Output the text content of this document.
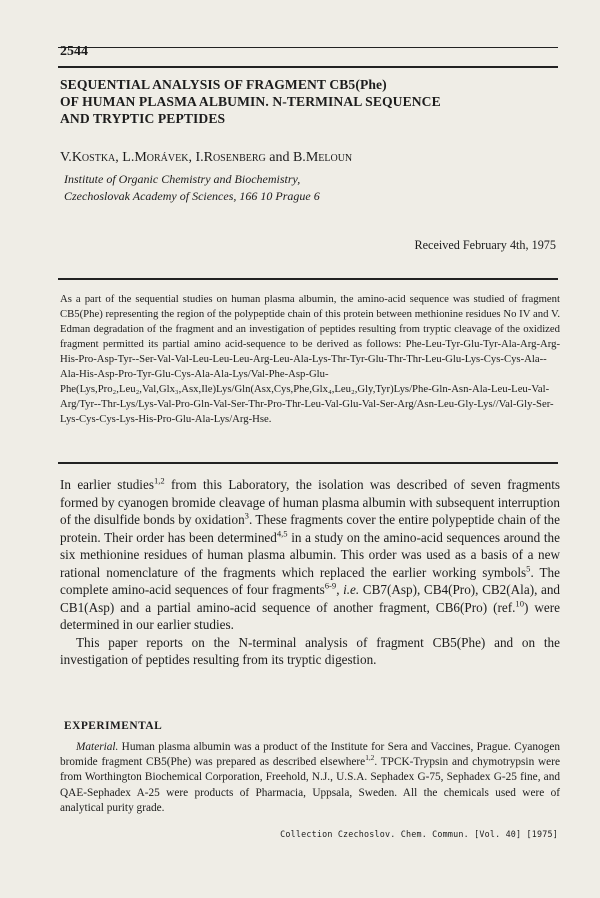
2544
SEQUENTIAL ANALYSIS OF FRAGMENT CB5(Phe)
OF HUMAN PLASMA ALBUMIN. N-TERMINAL SEQUENCE
AND TRYPTIC PEPTIDES
V.Kostka, L.Morávek, I.Rosenberg and B.Meloun
Institute of Organic Chemistry and Biochemistry,
Czechoslovak Academy of Sciences, 166 10 Prague 6
Received February 4th, 1975
As a part of the sequential studies on human plasma albumin, the amino-acid sequence was studied of fragment CB5(Phe) representing the region of the polypeptide chain of this protein between methionine residues No IV and V. Edman degradation of the fragment and an investigation of peptides resulting from tryptic cleavage of the oxidized fragment permitted its partial amino acid-sequence to be derived as follows: Phe-Leu-Tyr-Glu-Tyr-Ala-Arg-Arg-His-Pro-Asp-Tyr--Ser-Val-Val-Leu-Leu-Leu-Arg-Leu-Ala-Lys-Thr-Tyr-Glu-Thr-Thr-Leu-Glu-Lys-Cys-Cys-Ala--Ala-His-Asp-Pro-Tyr-Glu-Cys-Ala-Ala-Lys/Val-Phe-Asp-Glu-Phe(Lys,Pro₂,Leu₂,Val,Glx₃,Asx,Ile)Lys/Gln(Asx,Cys,Phe,Glx₄,Leu₂,Gly,Tyr)Lys/Phe-Gln-Asn-Ala-Leu-Leu-Val-Arg/Tyr--Thr-Lys/Lys-Val-Pro-Gln-Val-Ser-Thr-Pro-Thr-Leu-Val-Glu-Val-Ser-Arg/Asn-Leu-Gly-Lys//Val-Gly-Ser-Lys-Cys-Cys-Lys-His-Pro-Glu-Ala-Lys/Arg-Hse.

In earlier studies$^{1,2}$ from this Laboratory, the isolation was described of seven fragments formed by cyanogen bromide cleavage of human plasma albumin with subsequent interruption of the disulfide bonds by oxidation$^3$. These fragments cover the entire polypeptide chain of the protein. Their order has been determined$^{4,5}$ in a study on the amino-acid sequences around the six methionine residues of human plasma albumin. This order was used as a basis of a new rational nomenclature of the fragments which replaced the earlier working symbols$^5$. The complete amino-acid sequences of four fragments$^{6-9}$, i.e. CB7(Asp), CB4(Pro), CB2(Ala), and CB1(Asp) and a partial amino-acid sequence of another fragment, CB6(Pro) (ref.$^{10}$) were determined in our earlier studies.

This paper reports on the N-terminal analysis of fragment CB5(Phe) and on the investigation of peptides resulting from its tryptic digestion.

EXPERIMENTAL

Material. Human plasma albumin was a product of the Institute for Sera and Vaccines, Prague. Cyanogen bromide fragment CB5(Phe) was prepared as described elsewhere$^{1,2}$. TPCK-Trypsin and chymotrypsin were from Worthington Biochemical Corporation, Freehold, N.J., U.S.A. Sephadex G-75, Sephadex G-25 fine, and QAE-Sephadex A-25 were products of Pharmacia, Uppsala, Sweden. All the chemicals used were of analytical purity grade.

Collection Czechoslov. Chem. Commun. [Vol. 40] [1975]
